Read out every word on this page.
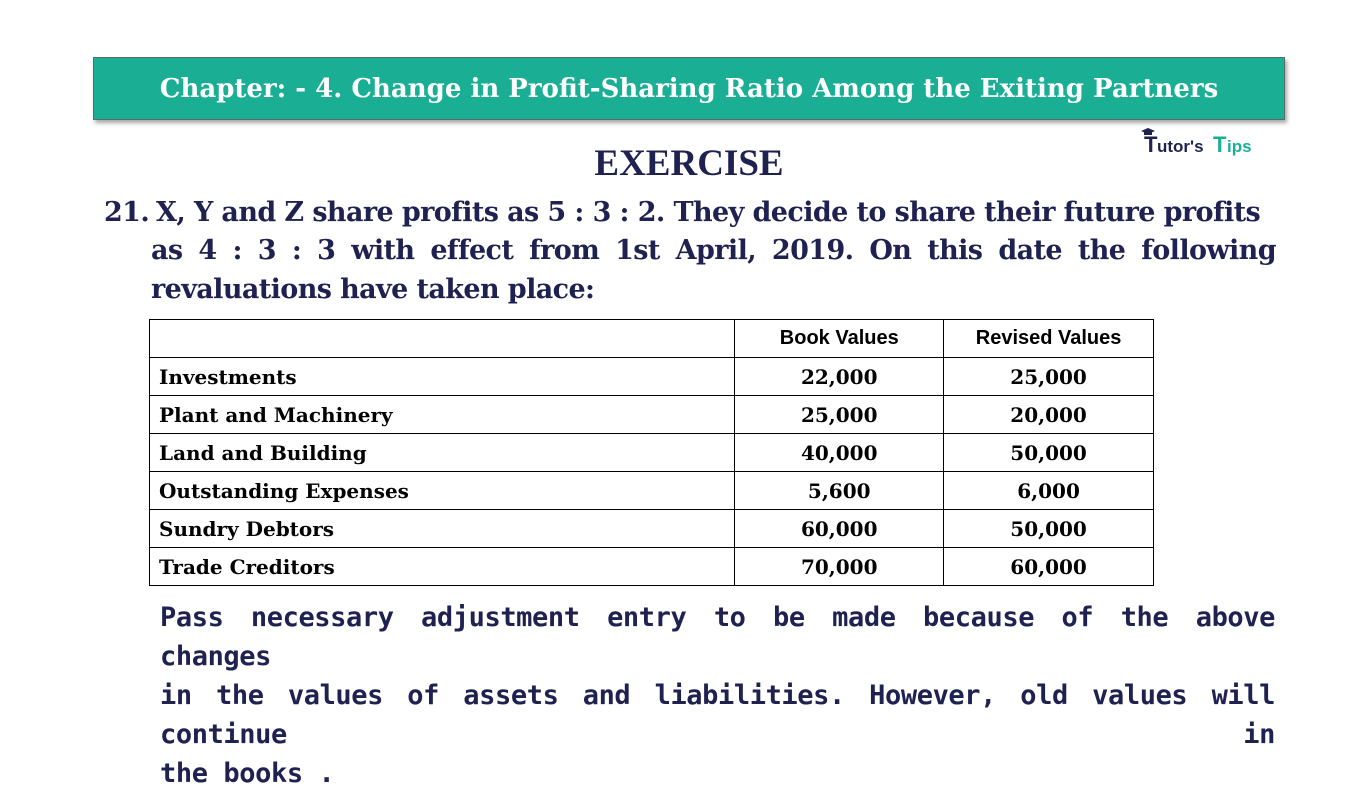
Chapter: - 4. Change in Profit-Sharing Ratio Among the Exiting Partners
T utor's T ips
EXERCISE
21. X, Y and Z share profits as 5 : 3 : 2. They decide to share their future profits
as 4 : 3 : 3 with effect from 1st April, 2019. On this date the following
revaluations have taken place:
	Book Values	Revised Values
Investments	22,000	25,000
Plant and Machinery	25,000	20,000
Land and Building	40,000	50,000
Outstanding Expenses	5,600	6,000
Sundry Debtors	60,000	50,000
Trade Creditors	70,000	60,000
Pass necessary adjustment entry to be made because of the above changes
in the values of assets and liabilities. However, old values will continue in
the books .
